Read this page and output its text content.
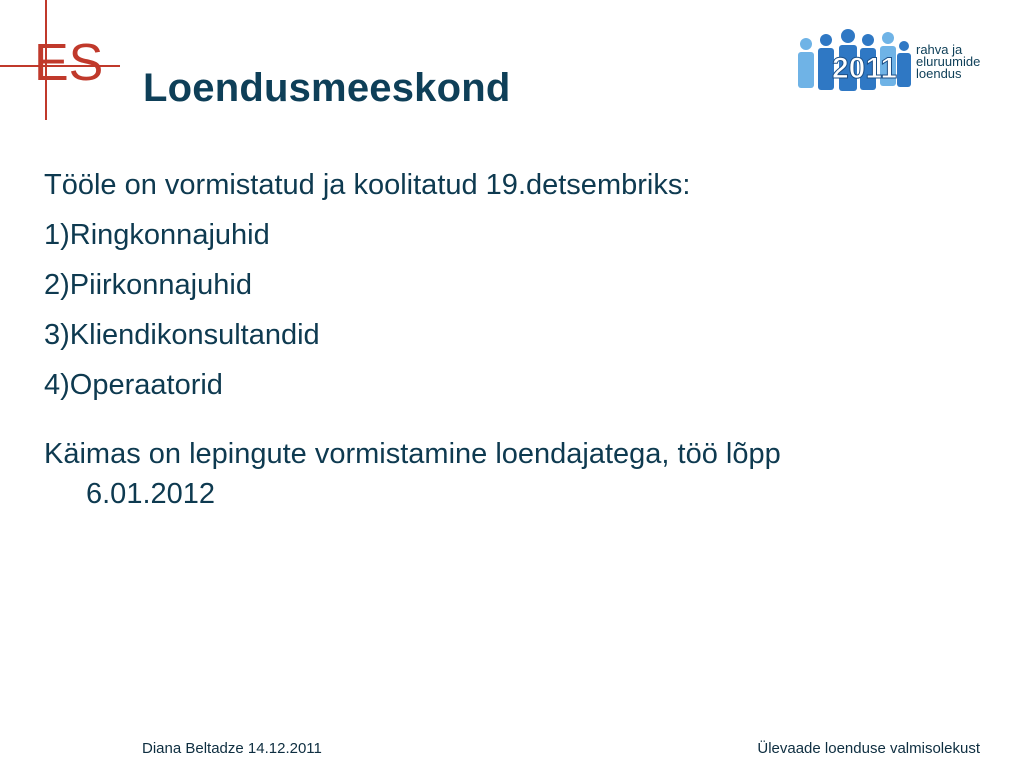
ES Loendusmeeskond	2011
rahva ja
eluruumide
loendus
Tööle on vormistatud ja koolitatud 19.detsembriks:
1)Ringkonnajuhid
2)Piirkonnajuhid
3)Kliendikonsultandid
4)Operaatorid
Käimas on lepingute vormistamine loendajatega, töö lõpp
6.01.2012
Diana Beltadze 14.12.2011	Ülevaade loenduse valmisolekust
